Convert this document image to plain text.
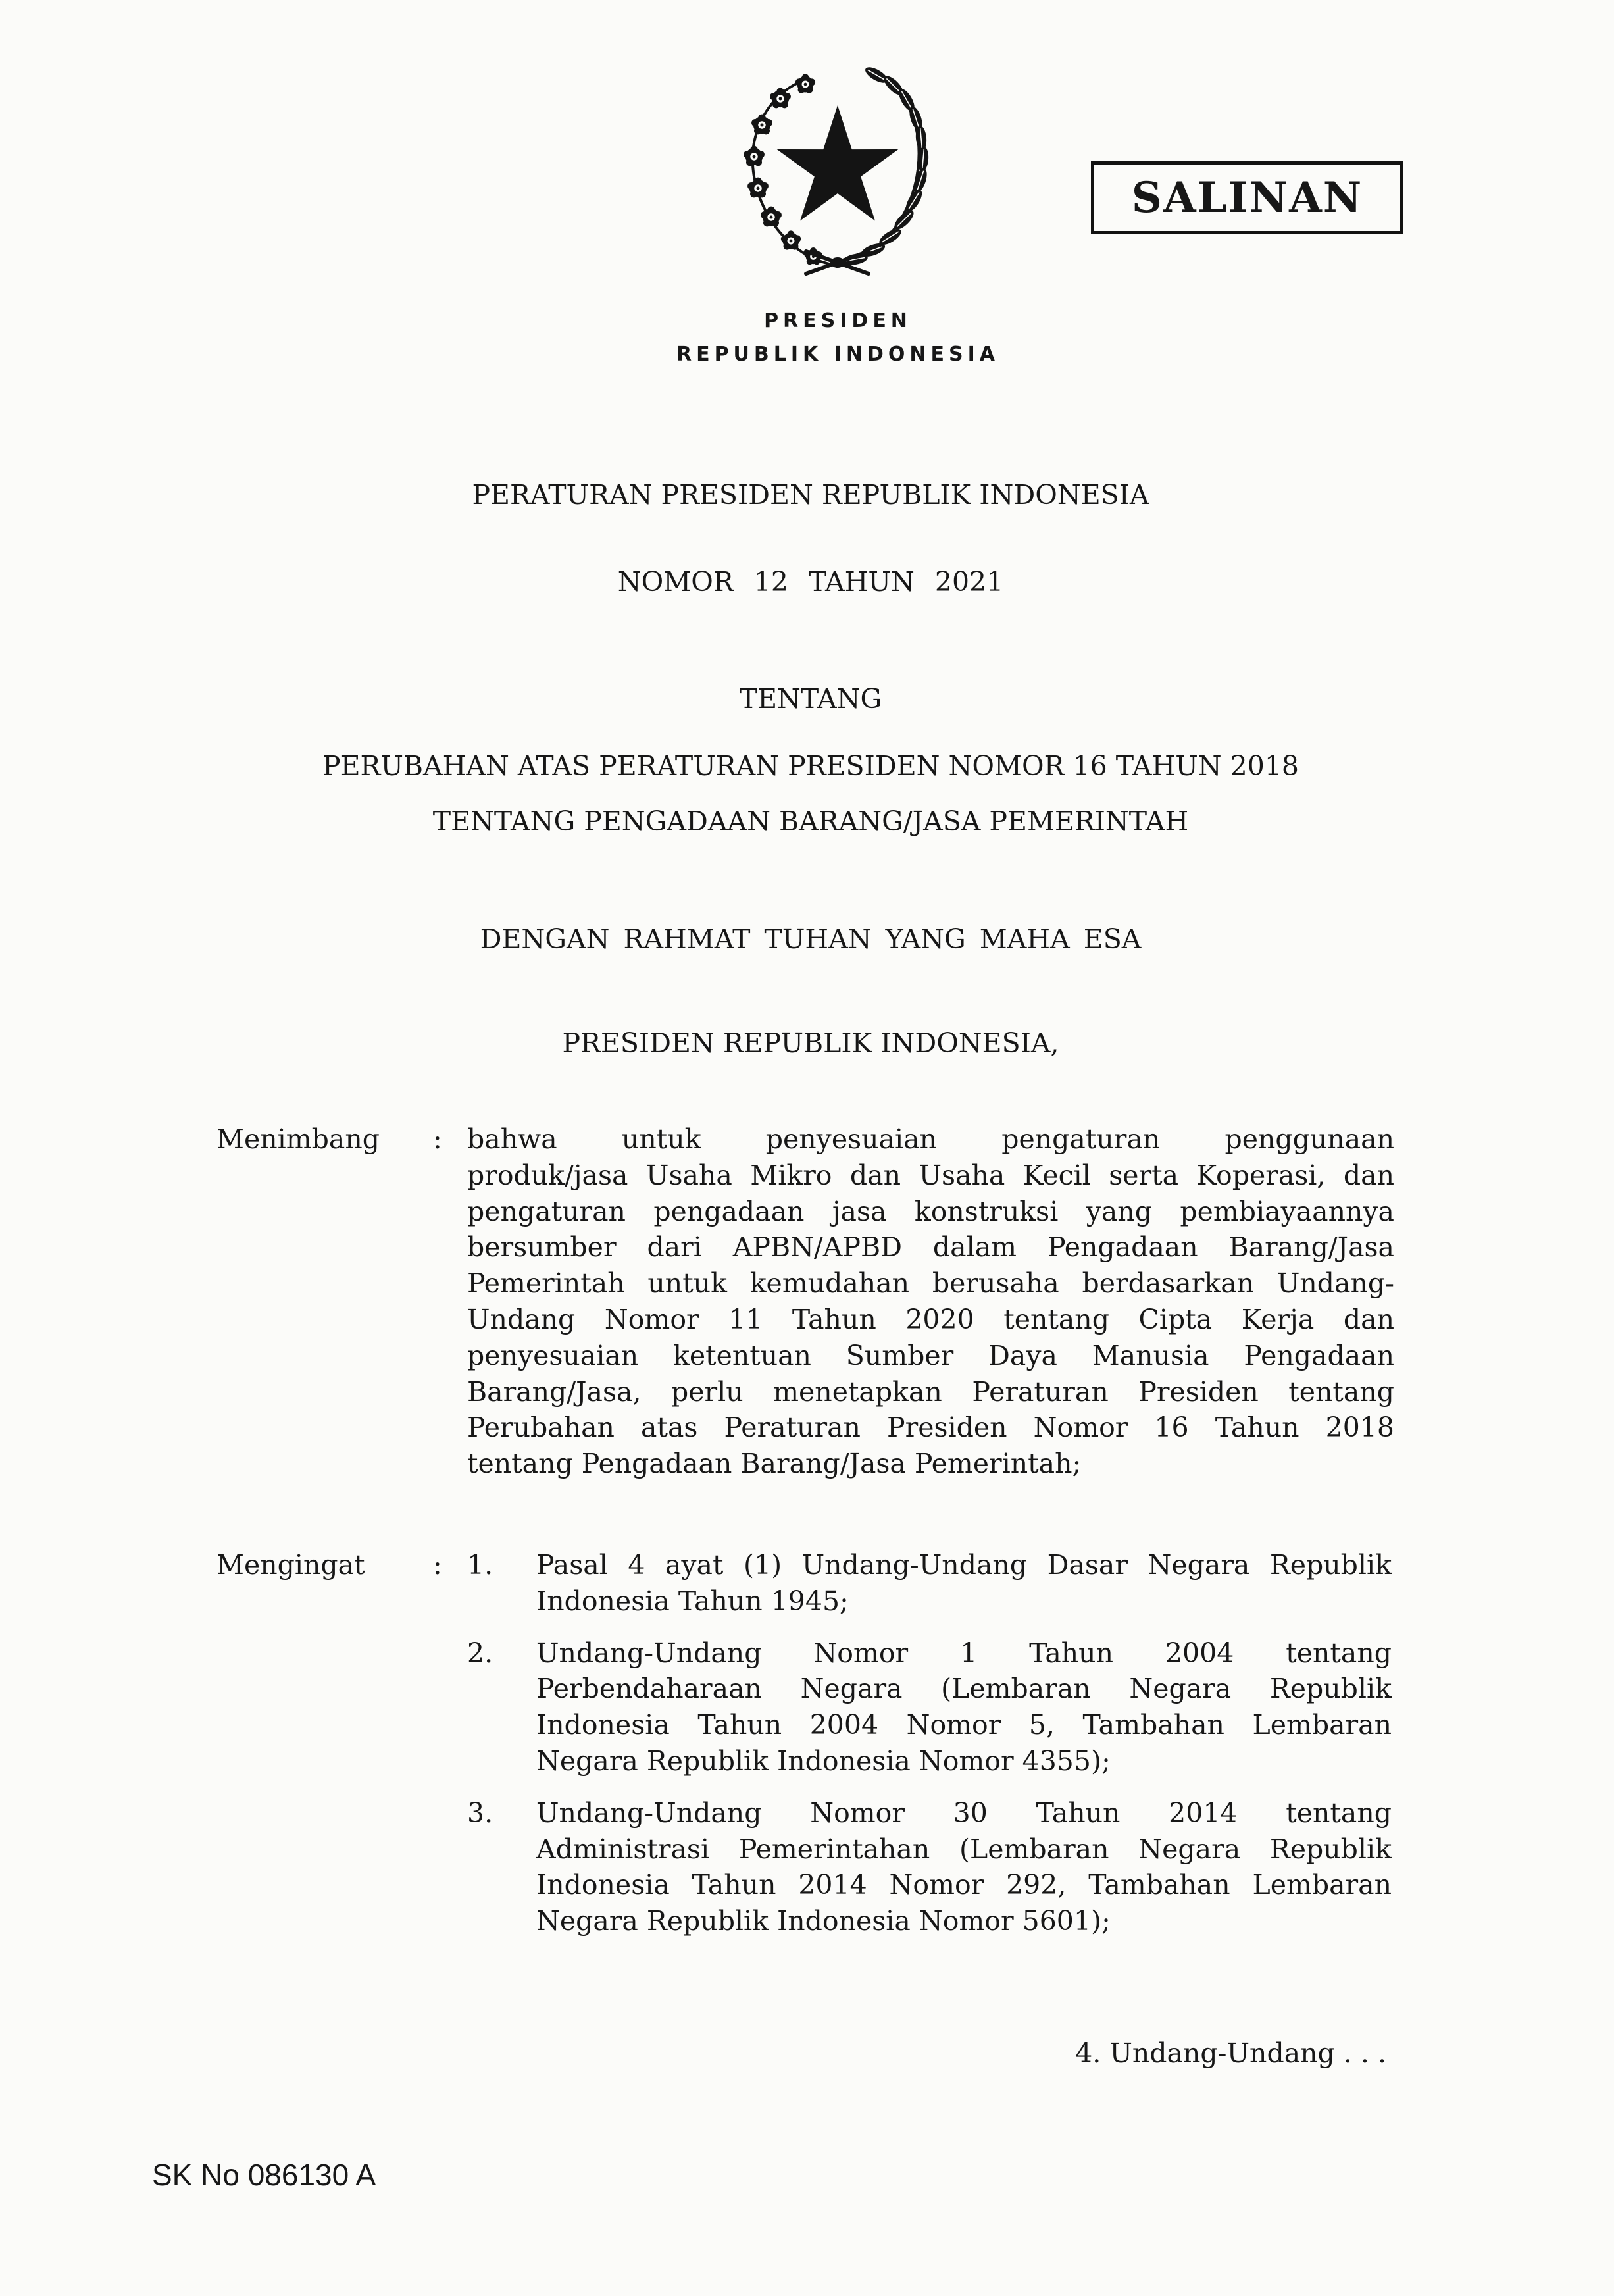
SALINAN
PRESIDEN
REPUBLIK INDONESIA
PERATURAN PRESIDEN REPUBLIK INDONESIA
NOMOR 12 TAHUN 2021
TENTANG
PERUBAHAN ATAS PERATURAN PRESIDEN NOMOR 16 TAHUN 2018
TENTANG PENGADAAN BARANG/JASA PEMERINTAH
DENGAN RAHMAT TUHAN YANG MAHA ESA
PRESIDEN REPUBLIK INDONESIA,
Menimbang : bahwa untuk penyesuaian pengaturan penggunaan
produk/jasa Usaha Mikro dan Usaha Kecil serta Koperasi, dan
pengaturan pengadaan jasa konstruksi yang pembiayaannya
bersumber dari APBN/APBD dalam Pengadaan Barang/Jasa
Pemerintah untuk kemudahan berusaha berdasarkan Undang-
Undang Nomor 11 Tahun 2020 tentang Cipta Kerja dan
penyesuaian ketentuan Sumber Daya Manusia Pengadaan
Barang/Jasa, perlu menetapkan Peraturan Presiden tentang
Perubahan atas Peraturan Presiden Nomor 16 Tahun 2018
tentang Pengadaan Barang/Jasa Pemerintah;
Mengingat	: 1. Pasal 4 ayat (1) Undang-Undang Dasar Negara Republik
Indonesia Tahun 1945;
2. Undang-Undang Nomor 1 Tahun 2004 tentang
Perbendaharaan Negara (Lembaran Negara Republik
Indonesia Tahun 2004 Nomor 5, Tambahan Lembaran
Negara Republik Indonesia Nomor 4355);
3. Undang-Undang Nomor 30 Tahun 2014 tentang
Administrasi Pemerintahan (Lembaran Negara Republik
Indonesia Tahun 2014 Nomor 292, Tambahan Lembaran
Negara Republik Indonesia Nomor 5601);
4. Undang-Undang . . .
SK No 086130 A
